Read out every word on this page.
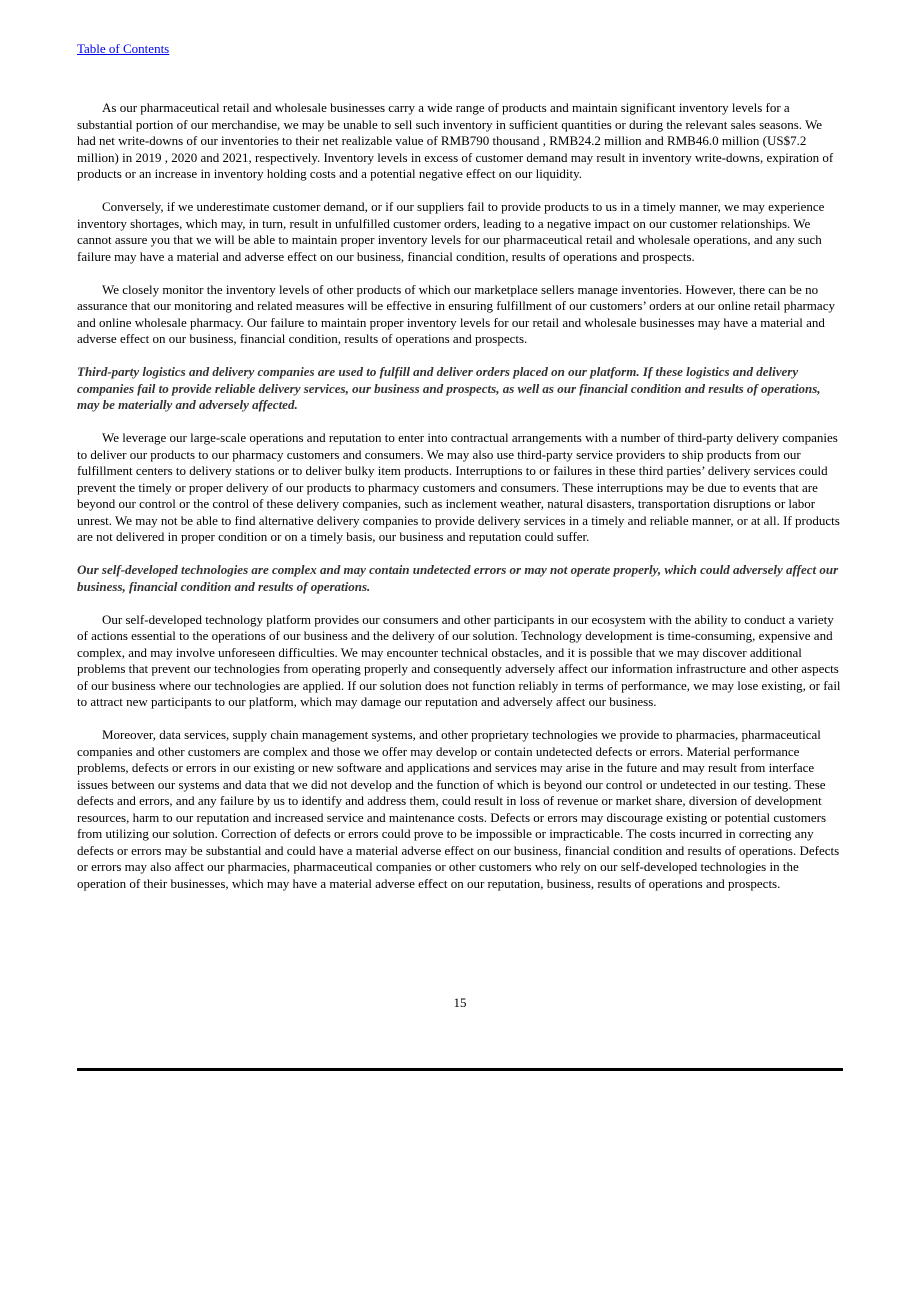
Table of Contents

As our pharmaceutical retail and wholesale businesses carry a wide range of products and maintain significant inventory levels for a substantial portion of our merchandise, we may be unable to sell such inventory in sufficient quantities or during the relevant sales seasons. We had net write-downs of our inventories to their net realizable value of RMB790 thousand , RMB24.2 million and RMB46.0 million (US$7.2 million) in 2019 , 2020 and 2021, respectively. Inventory levels in excess of customer demand may result in inventory write-downs, expiration of products or an increase in inventory holding costs and a potential negative effect on our liquidity.

Conversely, if we underestimate customer demand, or if our suppliers fail to provide products to us in a timely manner, we may experience inventory shortages, which may, in turn, result in unfulfilled customer orders, leading to a negative impact on our customer relationships. We cannot assure you that we will be able to maintain proper inventory levels for our pharmaceutical retail and wholesale operations, and any such failure may have a material and adverse effect on our business, financial condition, results of operations and prospects.

We closely monitor the inventory levels of other products of which our marketplace sellers manage inventories. However, there can be no assurance that our monitoring and related measures will be effective in ensuring fulfillment of our customers’ orders at our online retail pharmacy and online wholesale pharmacy. Our failure to maintain proper inventory levels for our retail and wholesale businesses may have a material and adverse effect on our business, financial condition, results of operations and prospects.

Third-party logistics and delivery companies are used to fulfill and deliver orders placed on our platform. If these logistics and delivery companies fail to provide reliable delivery services, our business and prospects, as well as our financial condition and results of operations, may be materially and adversely affected.

We leverage our large-scale operations and reputation to enter into contractual arrangements with a number of third-party delivery companies to deliver our products to our pharmacy customers and consumers. We may also use third-party service providers to ship products from our fulfillment centers to delivery stations or to deliver bulky item products. Interruptions to or failures in these third parties’ delivery services could prevent the timely or proper delivery of our products to pharmacy customers and consumers. These interruptions may be due to events that are beyond our control or the control of these delivery companies, such as inclement weather, natural disasters, transportation disruptions or labor unrest. We may not be able to find alternative delivery companies to provide delivery services in a timely and reliable manner, or at all. If products are not delivered in proper condition or on a timely basis, our business and reputation could suffer.

Our self-developed technologies are complex and may contain undetected errors or may not operate properly, which could adversely affect our business, financial condition and results of operations.

Our self-developed technology platform provides our consumers and other participants in our ecosystem with the ability to conduct a variety of actions essential to the operations of our business and the delivery of our solution. Technology development is time-consuming, expensive and complex, and may involve unforeseen difficulties. We may encounter technical obstacles, and it is possible that we may discover additional problems that prevent our technologies from operating properly and consequently adversely affect our information infrastructure and other aspects of our business where our technologies are applied. If our solution does not function reliably in terms of performance, we may lose existing, or fail to attract new participants to our platform, which may damage our reputation and adversely affect our business.

Moreover, data services, supply chain management systems, and other proprietary technologies we provide to pharmacies, pharmaceutical companies and other customers are complex and those we offer may develop or contain undetected defects or errors. Material performance problems, defects or errors in our existing or new software and applications and services may arise in the future and may result from interface issues between our systems and data that we did not develop and the function of which is beyond our control or undetected in our testing. These defects and errors, and any failure by us to identify and address them, could result in loss of revenue or market share, diversion of development resources, harm to our reputation and increased service and maintenance costs. Defects or errors may discourage existing or potential customers from utilizing our solution. Correction of defects or errors could prove to be impossible or impracticable. The costs incurred in correcting any defects or errors may be substantial and could have a material adverse effect on our business, financial condition and results of operations. Defects or errors may also affect our pharmacies, pharmaceutical companies or other customers who rely on our self-developed technologies in the operation of their businesses, which may have a material adverse effect on our reputation, business, results of operations and prospects.

15
